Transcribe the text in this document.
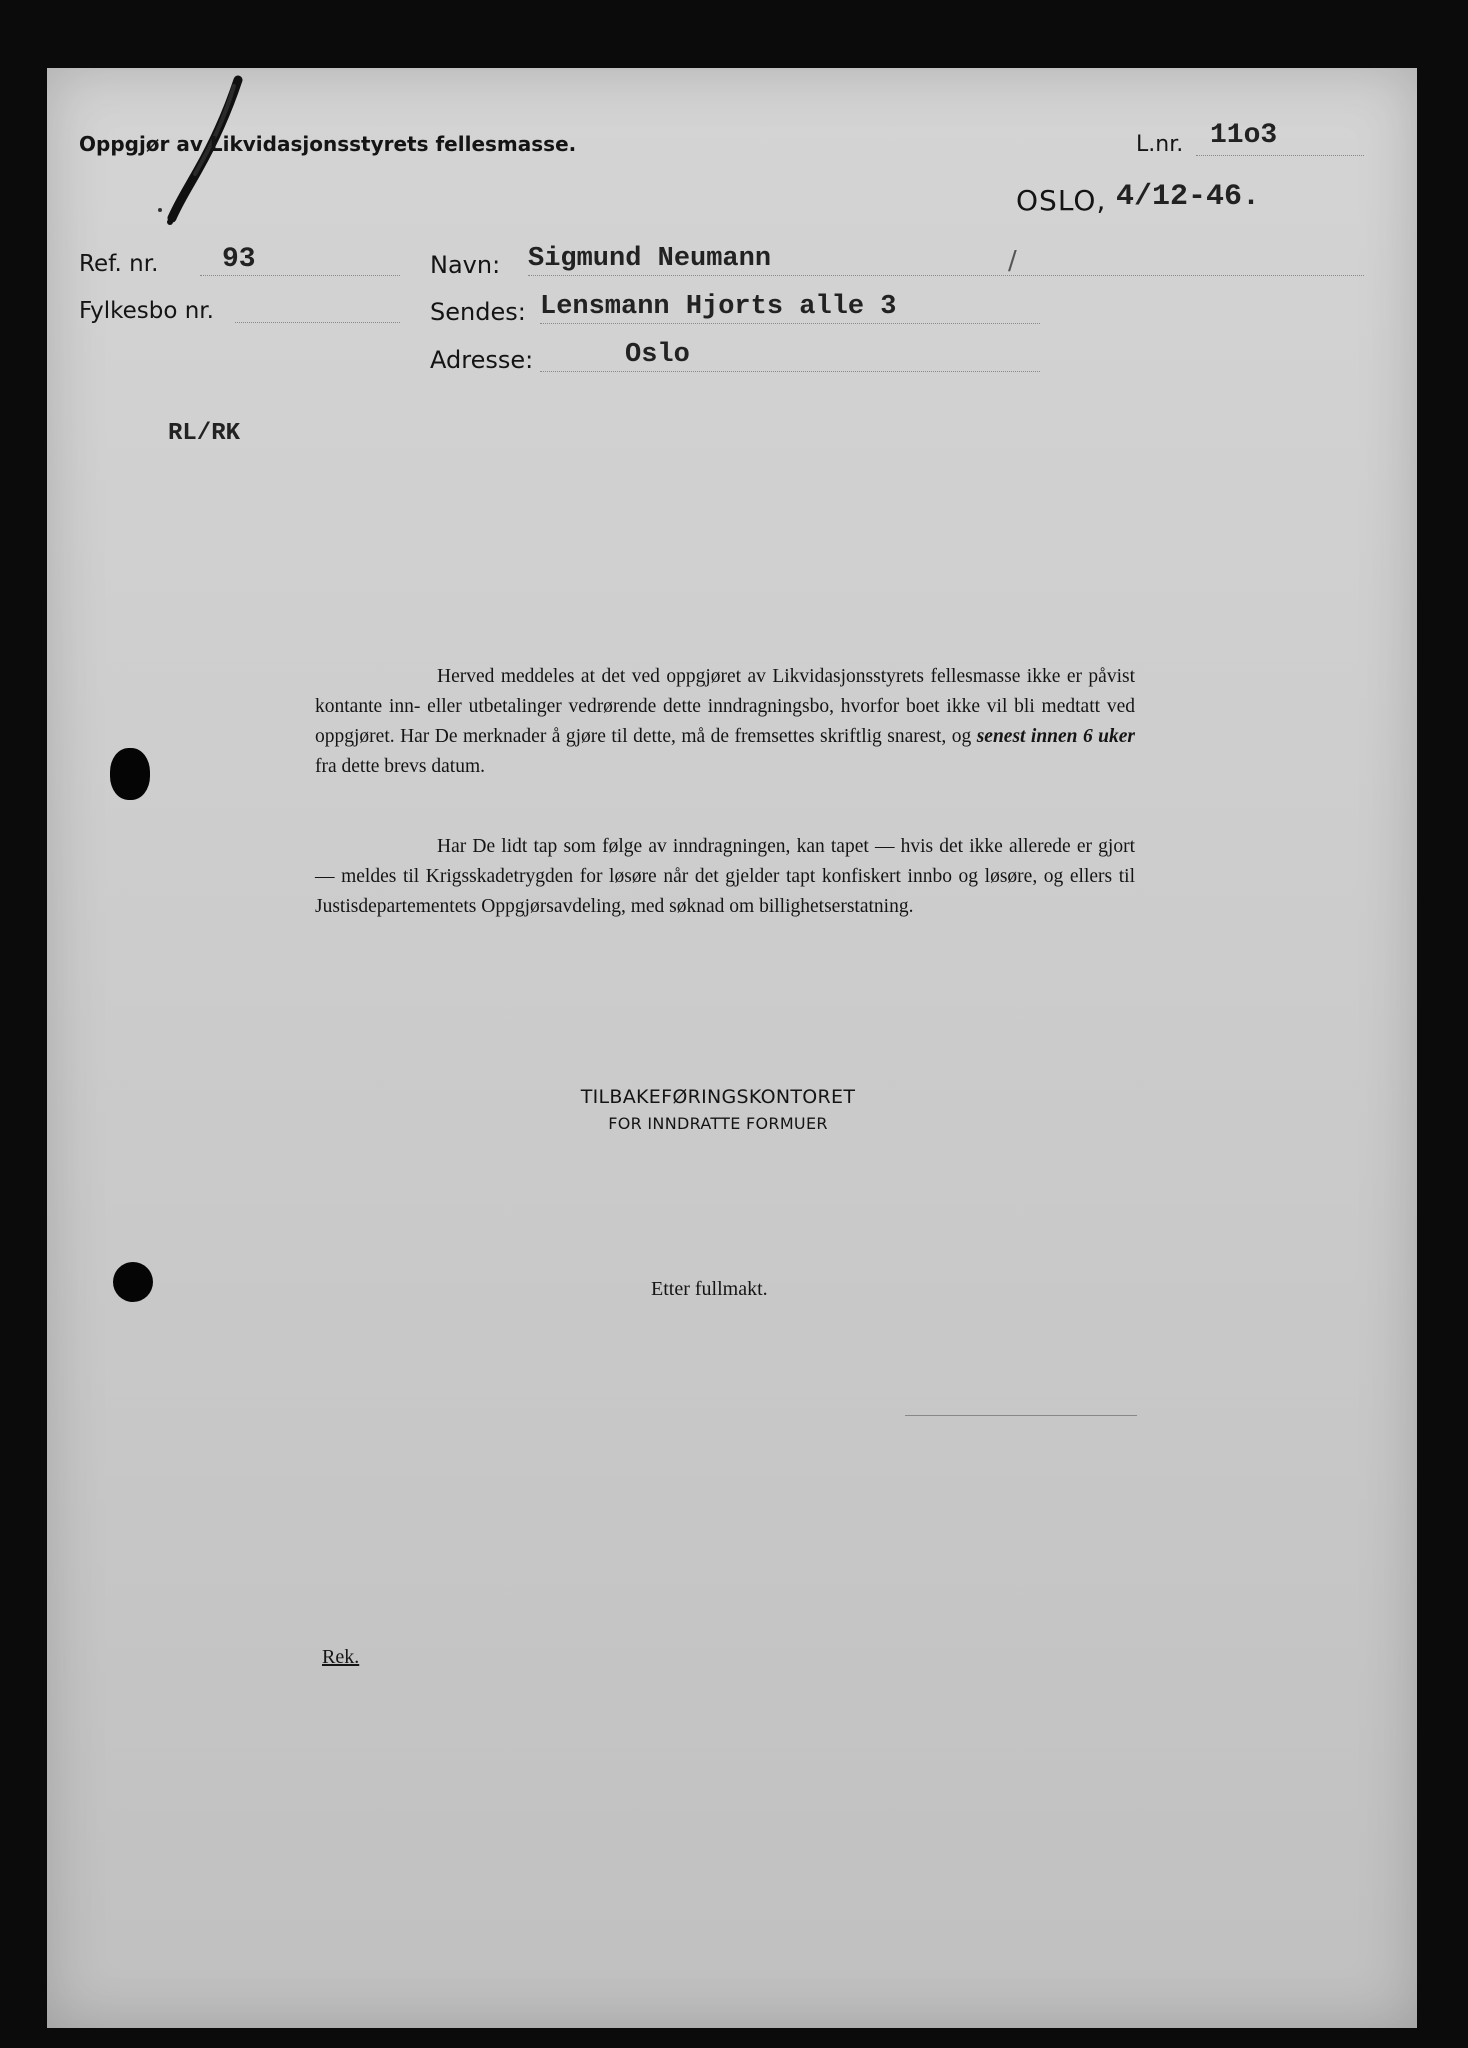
Oppgjør av Likvidasjonsstyrets fellesmasse.	L.nr. 11o3

OSLO, 4/12-46.

Ref. nr. 93

Fylkesbo nr.

Navn: Sigmund Neumann	/

Sendes: Lensmann Hjorts alle 3

Adresse:	Oslo

RL/RK

Herved meddeles at det ved oppgjøret av Likvidasjonsstyrets fellesmasse ikke er påvist kontante inn- eller utbetalinger vedrørende dette inndragningsbo, hvorfor boet ikke vil bli medtatt ved oppgjøret. Har De merknader å gjøre til dette, må de fremsettes skriftlig snarest, og senest innen 6 uker fra dette brevs datum.

Har De lidt tap som følge av inndragningen, kan tapet — hvis det ikke allerede er gjort — meldes til Krigsskadetrygden for løsøre når det gjelder tapt konfiskert innbo og løsøre, og ellers til Justisdepartementets Oppgjørsavdeling, med søknad om billighetserstatning.

TILBAKEFØRINGSKONTORET

FOR INNDRATTE FORMUER

Etter fullmakt.

Rek.
